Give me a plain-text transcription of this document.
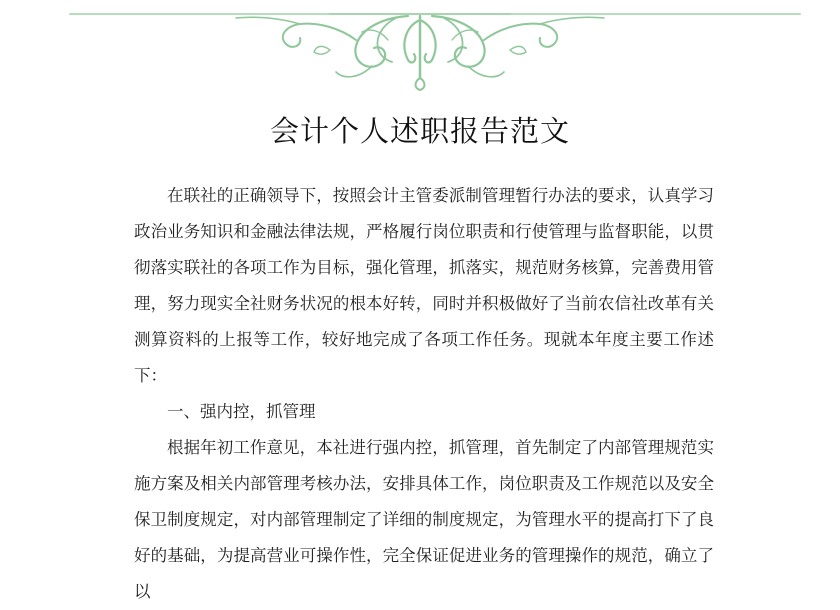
会计个人述职报告范文

在联社的正确领导下，按照会计主管委派制管理暂行办法的要求，认真学习政治业务知识和金融法律法规，严格履行岗位职责和行使管理与监督职能，以贯彻落实联社的各项工作为目标，强化管理，抓落实，规范财务核算，完善费用管理，努力现实全社财务状况的根本好转，同时并积极做好了当前农信社改革有关测算资料的上报等工作，较好地完成了各项工作任务。现就本年度主要工作述下：

一、强内控，抓管理

根据年初工作意见，本社进行强内控，抓管理，首先制定了内部管理规范实施方案及相关内部管理考核办法，安排具体工作，岗位职责及工作规范以及安全保卫制度规定，对内部管理制定了详细的制度规定，为管理水平的提高打下了良好的基础，为提高营业可操作性，完全保证促进业务的管理操作的规范，确立了以
